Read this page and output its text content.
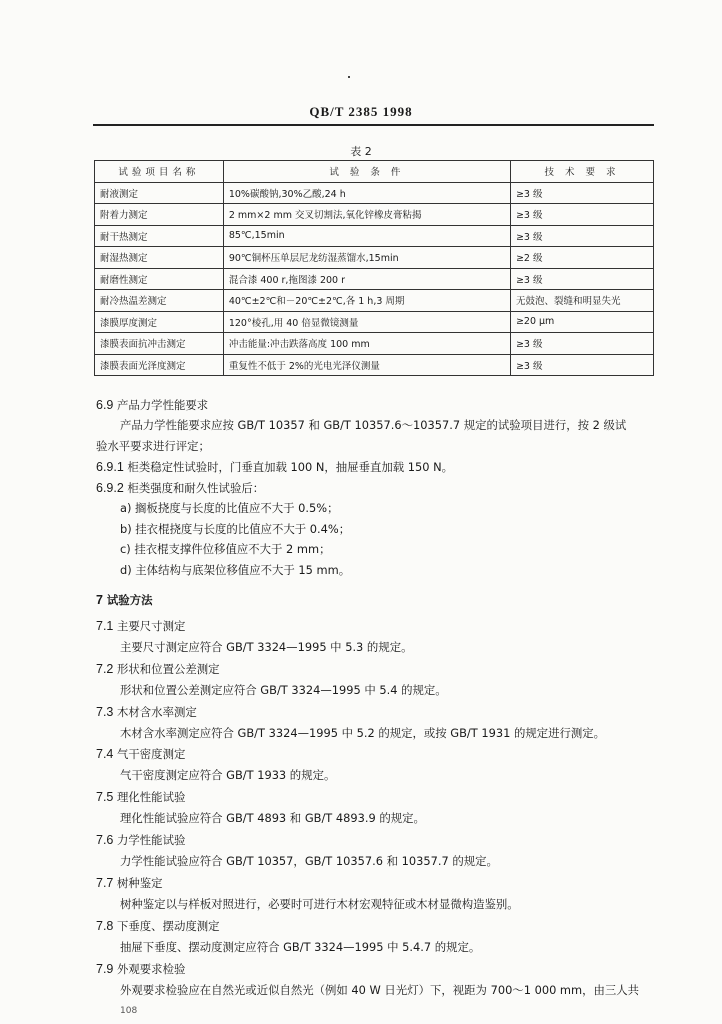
QB/T 2385 1998
表 2
试验项目名称	试 验 条 件	技 术 要 求
耐液测定	10%碳酸钠,30%乙酸,24 h	≥3 级
附着力测定	2 mm×2 mm 交叉切割法,氧化锌橡皮膏粘揭	≥3 级
耐干热测定	85℃,15min	≥3 级
耐湿热测定	90℃铜杯压单层尼龙纺湿蒸馏水,15min	≥2 级
耐磨性测定	混合漆 400 r,拖图漆 200 r	≥3 级
耐冷热温差测定	40℃±2℃和－20℃±2℃,各 1 h,3 周期	无鼓泡、裂缝和明显失光
漆膜厚度测定	120°棱孔,用 40 倍显微镜测量	≥20 μm
漆膜表面抗冲击测定	冲击能量:冲击跌落高度 100 mm	≥3 级
漆膜表面光泽度测定	重复性不低于 2%的光电光泽仪测量	≥3 级
6.9 产品力学性能要求
产品力学性能要求应按 GB/T 10357 和 GB/T 10357.6～10357.7 规定的试验项目进行，按 2 级试
验水平要求进行评定；
6.9.1 柜类稳定性试验时，门垂直加载 100 N，抽屉垂直加载 150 N。
6.9.2 柜类强度和耐久性试验后：
a) 搁板挠度与长度的比值应不大于 0.5%；
b) 挂衣棍挠度与长度的比值应不大于 0.4%；
c) 挂衣棍支撑件位移值应不大于 2 mm；
d) 主体结构与底架位移值应不大于 15 mm。
7 试验方法
7.1 主要尺寸测定
主要尺寸测定应符合 GB/T 3324—1995 中 5.3 的规定。
7.2 形状和位置公差测定
形状和位置公差测定应符合 GB/T 3324—1995 中 5.4 的规定。
7.3 木材含水率测定
木材含水率测定应符合 GB/T 3324—1995 中 5.2 的规定，或按 GB/T 1931 的规定进行测定。
7.4 气干密度测定
气干密度测定应符合 GB/T 1933 的规定。
7.5 理化性能试验
理化性能试验应符合 GB/T 4893 和 GB/T 4893.9 的规定。
7.6 力学性能试验
力学性能试验应符合 GB/T 10357，GB/T 10357.6 和 10357.7 的规定。
7.7 树种鉴定
树种鉴定以与样板对照进行，必要时可进行木材宏观特征或木材显微构造鉴别。
7.8 下垂度、摆动度测定
抽屉下垂度、摆动度测定应符合 GB/T 3324—1995 中 5.4.7 的规定。
7.9 外观要求检验
外观要求检验应在自然光或近似自然光（例如 40 W 日光灯）下，视距为 700～1 000 mm，由三人共
108
